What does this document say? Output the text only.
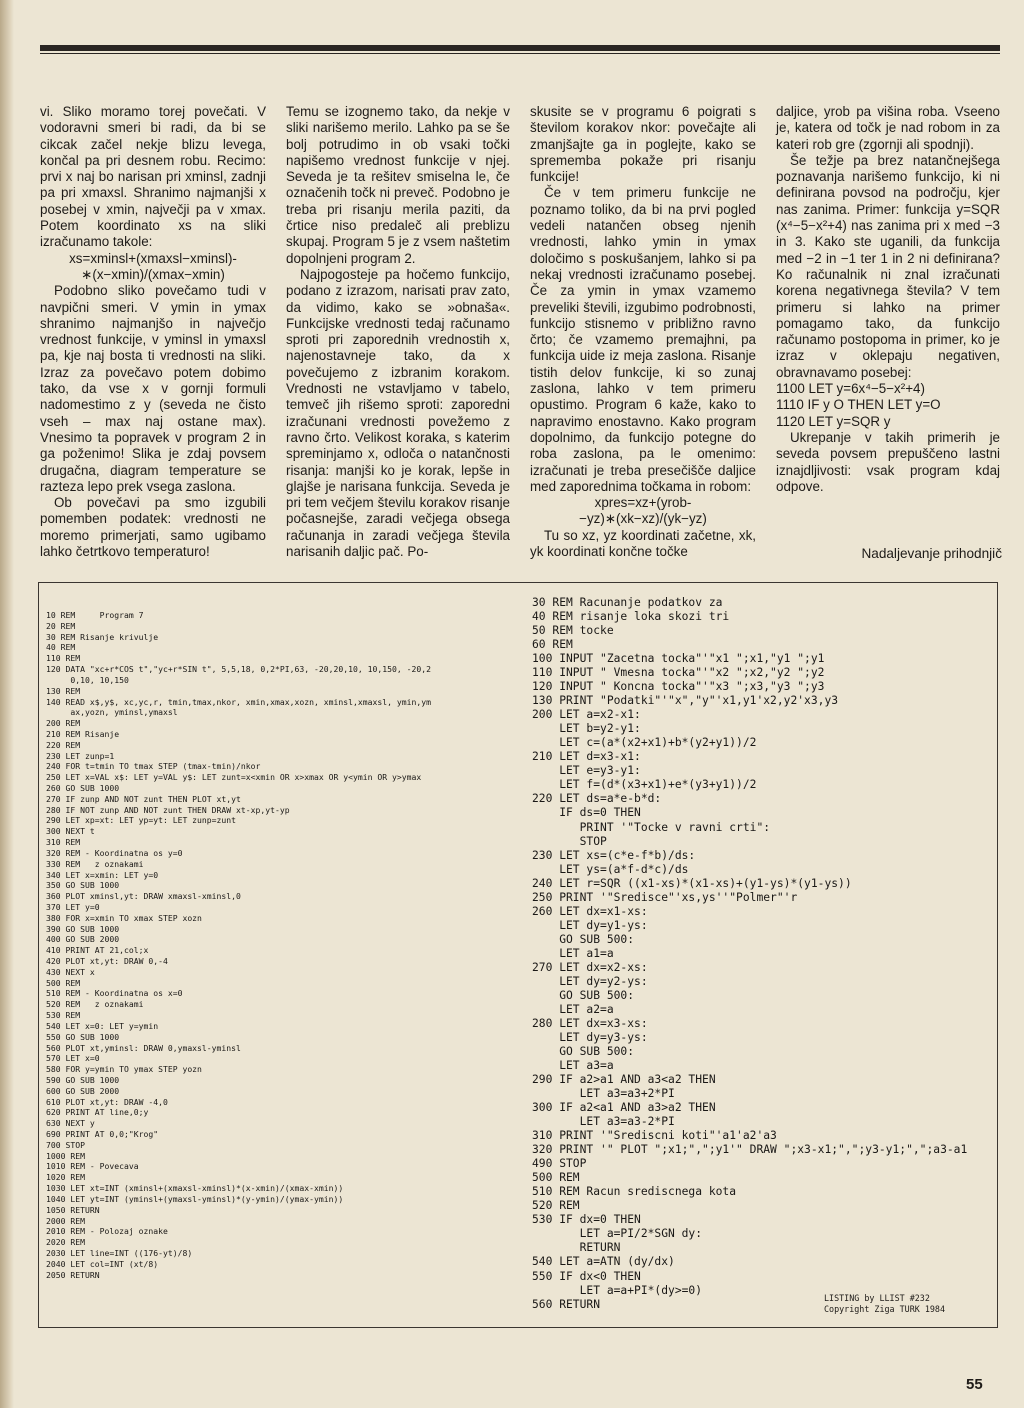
vi. Sliko moramo torej povečati. V vodoravni smeri bi radi, da bi se cikcak začel nekje blizu levega, končal pa pri desnem robu. Recimo: prvi x naj bo narisan pri xminsl, zadnji pa pri xmaxsl. Shranimo najmanjši x posebej v xmin, največji pa v xmax. Potem koordinato xs na sliki izračunamo takole:

xs=xminsl+(xmaxsl−xminsl)-
∗(x−xmin)/(xmax−xmin)

Podobno sliko povečamo tudi v navpični smeri. V ymin in ymax shranimo najmanjšo in največjo vrednost funkcije, v yminsl in ymaxsl pa, kje naj bosta ti vrednosti na sliki. Izraz za povečavo potem dobimo tako, da vse x v gornji formuli nadomestimo z y (seveda ne čisto vseh – max naj ostane max). Vnesimo ta popravek v program 2 in ga poženimo! Slika je zdaj povsem drugačna, diagram temperature se razteza lepo prek vsega zaslona.

Ob povečavi pa smo izgubili pomemben podatek: vrednosti ne moremo primerjati, samo ugibamo lahko četrtkovo temperaturo!

Temu se izognemo tako, da nekje v sliki narišemo merilo. Lahko pa se še bolj potrudimo in ob vsaki točki napišemo vrednost funkcije v njej. Seveda je ta rešitev smiselna le, če označenih točk ni preveč. Podobno je treba pri risanju merila paziti, da črtice niso predaleč ali preblizu skupaj. Program 5 je z vsem naštetim dopolnjeni program 2.

Najpogosteje pa hočemo funkcijo, podano z izrazom, narisati prav zato, da vidimo, kako se »obnaša«. Funkcijske vrednosti tedaj računamo sproti pri zaporednih vrednostih x, najenostavneje tako, da x povečujemo z izbranim korakom. Vrednosti ne vstavljamo v tabelo, temveč jih rišemo sproti: zaporedni izračunani vrednosti povežemo z ravno črto. Velikost koraka, s katerim spreminjamo x, odloča o natančnosti risanja: manjši ko je korak, lepše in glajše je narisana funkcija. Seveda je pri tem večjem številu korakov risanje počasnejše, zaradi večjega obsega računanja in zaradi večjega števila narisanih daljic pač. Po-

skusite se v programu 6 poigrati s številom korakov nkor: povečajte ali zmanjšajte ga in poglejte, kako se sprememba pokaže pri risanju funkcije!

Če v tem primeru funkcije ne poznamo toliko, da bi na prvi pogled vedeli natančen obseg njenih vrednosti, lahko ymin in ymax določimo s poskušanjem, lahko si pa nekaj vrednosti izračunamo posebej. Če za ymin in ymax vzamemo preveliki števili, izgubimo podrobnosti, funkcijo stisnemo v približno ravno črto; če vzamemo premajhni, pa funkcija uide iz meja zaslona. Risanje tistih delov funkcije, ki so zunaj zaslona, lahko v tem primeru opustimo. Program 6 kaže, kako to napravimo enostavno. Kako program dopolnimo, da funkcijo potegne do roba zaslona, pa le omenimo: izračunati je treba presečišče daljice med zaporednima točkama in robom:

xpres=xz+(yrob-
−yz)∗(xk−xz)/(yk−yz)

Tu so xz, yz koordinati začetne, xk, yk koordinati končne točke

daljice, yrob pa višina roba. Vseeno je, katera od točk je nad robom in za kateri rob gre (zgornji ali spodnji).

Še težje pa brez natančnejšega poznavanja narišemo funkcijo, ki ni definirana povsod na področju, kjer nas zanima. Primer: funkcija y=SQR (x⁴−5−x²+4) nas zanima pri x med −3 in 3. Kako ste uganili, da funkcija med −2 in −1 ter 1 in 2 ni definirana? Ko računalnik ni znal izračunati korena negativnega števila? V tem primeru si lahko na primer pomagamo tako, da funkcijo računamo postopoma in primer, ko je izraz v oklepaju negativen, obravnavamo posebej:

1100 LET y=6x⁴−5−x²+4)
1110 IF y O THEN LET y=O
1120 LET y=SQR y

Ukrepanje v takih primerih je seveda povsem prepuščeno lastni iznajdljivosti: vsak program kdaj odpove.

Nadaljevanje prihodnjič
10 REM     Program 7
20 REM
30 REM Risanje krivulje
40 REM
110 REM
120 DATA "xc+r*COS t","yc+r*SIN t", 5,5,18, 0,2*PI,63, -20,20,10, 10,150, -20,2
0,10, 10,150
130 REM
140 READ x$,y$, xc,yc,r, tmin,tmax,nkor, xmin,xmax,xozn, xminsl,xmaxsl, ymin,ym
ax,yozn, yminsl,ymaxsl
200 REM
210 REM Risanje
220 REM
230 LET zunp=1
240 FOR t=tmin TO tmax STEP (tmax-tmin)/nkor
250 LET x=VAL x$: LET y=VAL y$: LET zunt=x<xmin OR x>xmax OR y<ymin OR y>ymax
260 GO SUB 1000
270 IF zunp AND NOT zunt THEN PLOT xt,yt
280 IF NOT zunp AND NOT zunt THEN DRAW xt-xp,yt-yp
290 LET xp=xt: LET yp=yt: LET zunp=zunt
300 NEXT t
310 REM
320 REM - Koordinatna os y=0
330 REM   z oznakami
340 LET x=xmin: LET y=0
350 GO SUB 1000
360 PLOT xminsl,yt: DRAW xmaxsl-xminsl,0
370 LET y=0
380 FOR x=xmin TO xmax STEP xozn
390 GO SUB 1000
400 GO SUB 2000
410 PRINT AT 21,col;x
420 PLOT xt,yt: DRAW 0,-4
430 NEXT x
500 REM
510 REM - Koordinatna os x=0
520 REM   z oznakami
530 REM
540 LET x=0: LET y=ymin
550 GO SUB 1000
560 PLOT xt,yminsl: DRAW 0,ymaxsl-yminsl
570 LET x=0
580 FOR y=ymin TO ymax STEP yozn
590 GO SUB 1000
600 GO SUB 2000
610 PLOT xt,yt: DRAW -4,0
620 PRINT AT line,0;y
630 NEXT y
690 PRINT AT 0,0;"Krog"
700 STOP
1000 REM
1010 REM - Povecava
1020 REM
1030 LET xt=INT (xminsl+(xmaxsl-xminsl)*(x-xmin)/(xmax-xmin))
1040 LET yt=INT (yminsl+(ymaxsl-yminsl)*(y-ymin)/(ymax-ymin))
1050 RETURN
2000 REM
2010 REM - Polozaj oznake
2020 REM
2030 LET line=INT ((176-yt)/8)
2040 LET col=INT (xt/8)
2050 RETURN
30 REM Racunanje podatkov za
40 REM risanje loka skozi tri
50 REM tocke
60 REM
100 INPUT "Zacetna tocka"'"x1 ";x1,"y1 ";y1
110 INPUT " Vmesna tocka"'"x2 ";x2,"y2 ";y2
120 INPUT " Koncna tocka"'"x3 ";x3,"y3 ";y3
130 PRINT "Podatki"'"x","y"'x1,y1'x2,y2'x3,y3
200 LET a=x2-x1:
LET b=y2-y1:
LET c=(a*(x2+x1)+b*(y2+y1))/2
210 LET d=x3-x1:
LET e=y3-y1:
LET f=(d*(x3+x1)+e*(y3+y1))/2
220 LET ds=a*e-b*d:
IF ds=0 THEN
PRINT '"Tocke v ravni crti":
STOP
230 LET xs=(c*e-f*b)/ds:
LET ys=(a*f-d*c)/ds
240 LET r=SQR ((x1-xs)*(x1-xs)+(y1-ys)*(y1-ys))
250 PRINT '"Sredisce"'xs,ys''"Polmer"'r
260 LET dx=x1-xs:
LET dy=y1-ys:
GO SUB 500:
LET a1=a
270 LET dx=x2-xs:
LET dy=y2-ys:
GO SUB 500:
LET a2=a
280 LET dx=x3-xs:
LET dy=y3-ys:
GO SUB 500:
LET a3=a
290 IF a2>a1 AND a3<a2 THEN
LET a3=a3+2*PI
300 IF a2<a1 AND a3>a2 THEN
LET a3=a3-2*PI
310 PRINT '"Srediscni koti"'a1'a2'a3
320 PRINT '" PLOT ";x1;",";y1'" DRAW ";x3-x1;",";y3-y1;",";a3-a1
490 STOP
500 REM
510 REM Racun srediscnega kota
520 REM
530 IF dx=0 THEN
LET a=PI/2*SGN dy:
RETURN
540 LET a=ATN (dy/dx)
550 IF dx<0 THEN
LET a=a+PI*(dy>=0)
560 RETURN	LISTING by LLIST #232
Copyright Ziga TURK 1984
55
